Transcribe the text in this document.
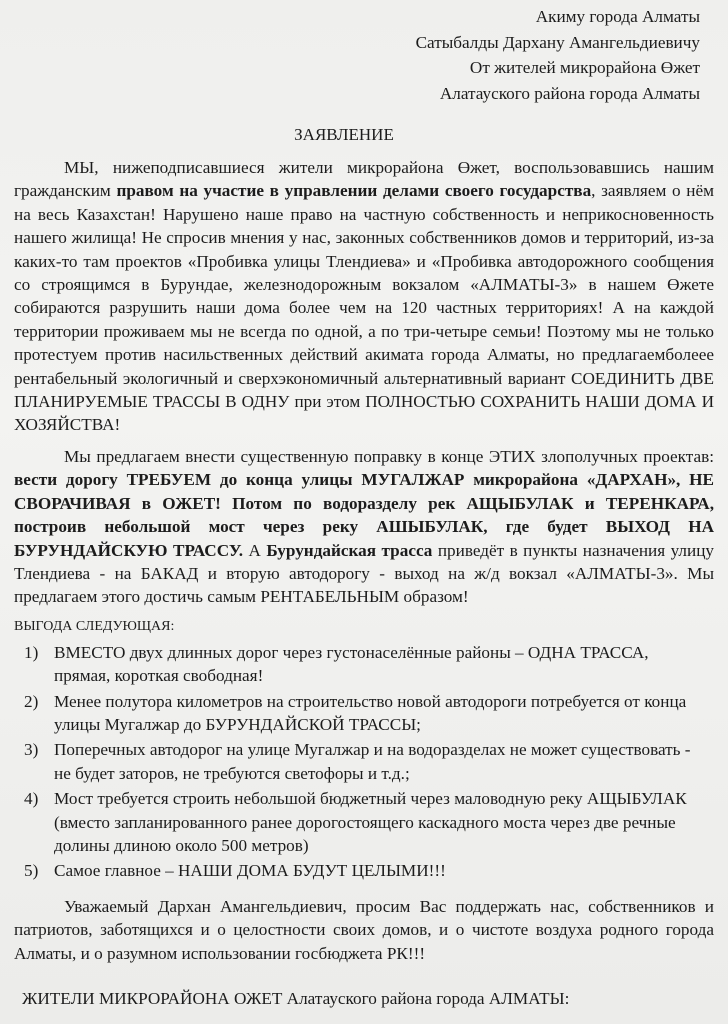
Акиму города Алматы
Сатыбалды Дархану Амангельдиевичу
От жителей микрорайона Өжет
Алатауского района города Алматы
ЗАЯВЛЕНИЕ
МЫ, нижеподписавшиеся жители микрорайона Өжет, воспользовавшись нашим гражданским правом на участие в управлении делами своего государства, заявляем о нём на весь Казахстан! Нарушено наше право на частную собственность и неприкосновенность нашего жилища! Не спросив мнения у нас, законных собственников домов и территорий, из-за каких-то там проектов «Пробивка улицы Тлендиева» и «Пробивка автодорожного сообщения со строящимся в Бурундае, железнодорожным вокзалом «АЛМАТЫ-3» в нашем Өжете собираются разрушить наши дома более чем на 120 частных территориях! А на каждой территории проживаем мы не всегда по одной, а по три-четыре семьи! Поэтому мы не только протестуем против насильственных действий акимата города Алматы, но предлагаемболеее рентабельный экологичный и сверхэкономичный альтернативный вариант СОЕДИНИТЬ ДВЕ ПЛАНИРУЕМЫЕ ТРАССЫ В ОДНУ при этом ПОЛНОСТЬЮ СОХРАНИТЬ НАШИ ДОМА И ХОЗЯЙСТВА!
Мы предлагаем внести существенную поправку в конце ЭТИХ злополучных проектав: вести дорогу ТРЕБУЕМ до конца улицы МУГАЛЖАР микрорайона «ДАРХАН», НЕ СВОРАЧИВАЯ в ОЖЕТ! Потом по водоразделу рек АЩЫБУЛАК и ТЕРЕНКАРА, построив небольшой мост через реку АШЫБУЛАК, где будет ВЫХОД НА БУРУНДАЙСКУЮ ТРАССУ. А Бурундайская трасса приведёт в пункты назначения улицу Тлендиева - на БАКАД и вторую автодорогу - выход на ж/д вокзал «АЛМАТЫ-3». Мы предлагаем этого достичь самым РЕНТАБЕЛЬНЫМ образом!
ВЫГОДА СЛЕДУЮЩАЯ:
1) ВМЕСТО двух длинных дорог через густонаселённые районы – ОДНА ТРАССА, прямая, короткая свободная!
2) Менее полутора километров на строительство новой автодороги потребуется от конца улицы Мугалжар до БУРУНДАЙСКОЙ ТРАССЫ;
3) Поперечных автодорог на улице Мугалжар и на водоразделах не может существовать - не будет заторов, не требуются светофоры и т.д.;
4) Мост требуется строить небольшой бюджетный через маловодную реку АЩЫБУЛАК (вместо запланированного ранее дорогостоящего каскадного моста через две речные долины длиною около 500 метров)
5) Самое главное – НАШИ ДОМА БУДУТ ЦЕЛЫМИ!!!
Уважаемый Дархан Амангельдиевич, просим Вас поддержать нас, собственников и патриотов, заботящихся и о целостности своих домов, и о чистоте воздуха родного города Алматы, и о разумном использовании госбюджета РК!!!
ЖИТЕЛИ МИКРОРАЙОНА ОЖЕТ Алатауского района города АЛМАТЫ:
